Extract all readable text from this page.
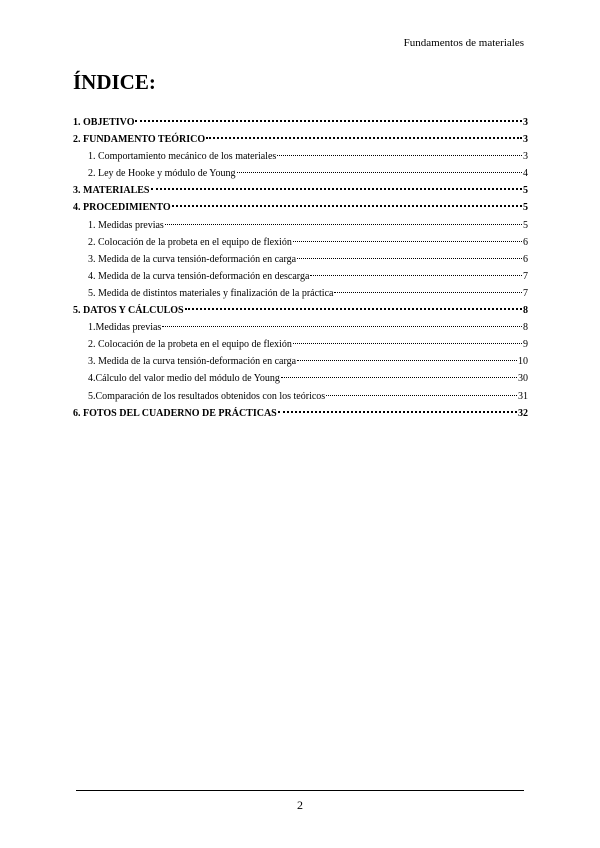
Fundamentos de materiales
ÍNDICE:
1. OBJETIVO	3
2. FUNDAMENTO TEÓRICO	3
1. Comportamiento mecánico de los materiales	3
2. Ley de Hooke y módulo de Young	4
3. MATERIALES	5
4. PROCEDIMIENTO	5
1. Medidas previas	5
2. Colocación de la probeta en el equipo de flexión	6
3. Medida de la curva tensión-deformación en carga	6
4. Medida de la curva tensión-deformación en descarga	7
5. Medida de distintos materiales y finalización de la práctica	7
5. DATOS Y CÁLCULOS	8
1.Medidas previas	8
2. Colocación de la probeta en el equipo de flexión	9
3. Medida de la curva tensión-deformación en carga	10
4.Cálculo del valor medio del módulo de Young	30
5.Comparación de los resultados obtenidos con los teóricos	31
6. FOTOS DEL CUADERNO DE PRÁCTICAS	32
2
